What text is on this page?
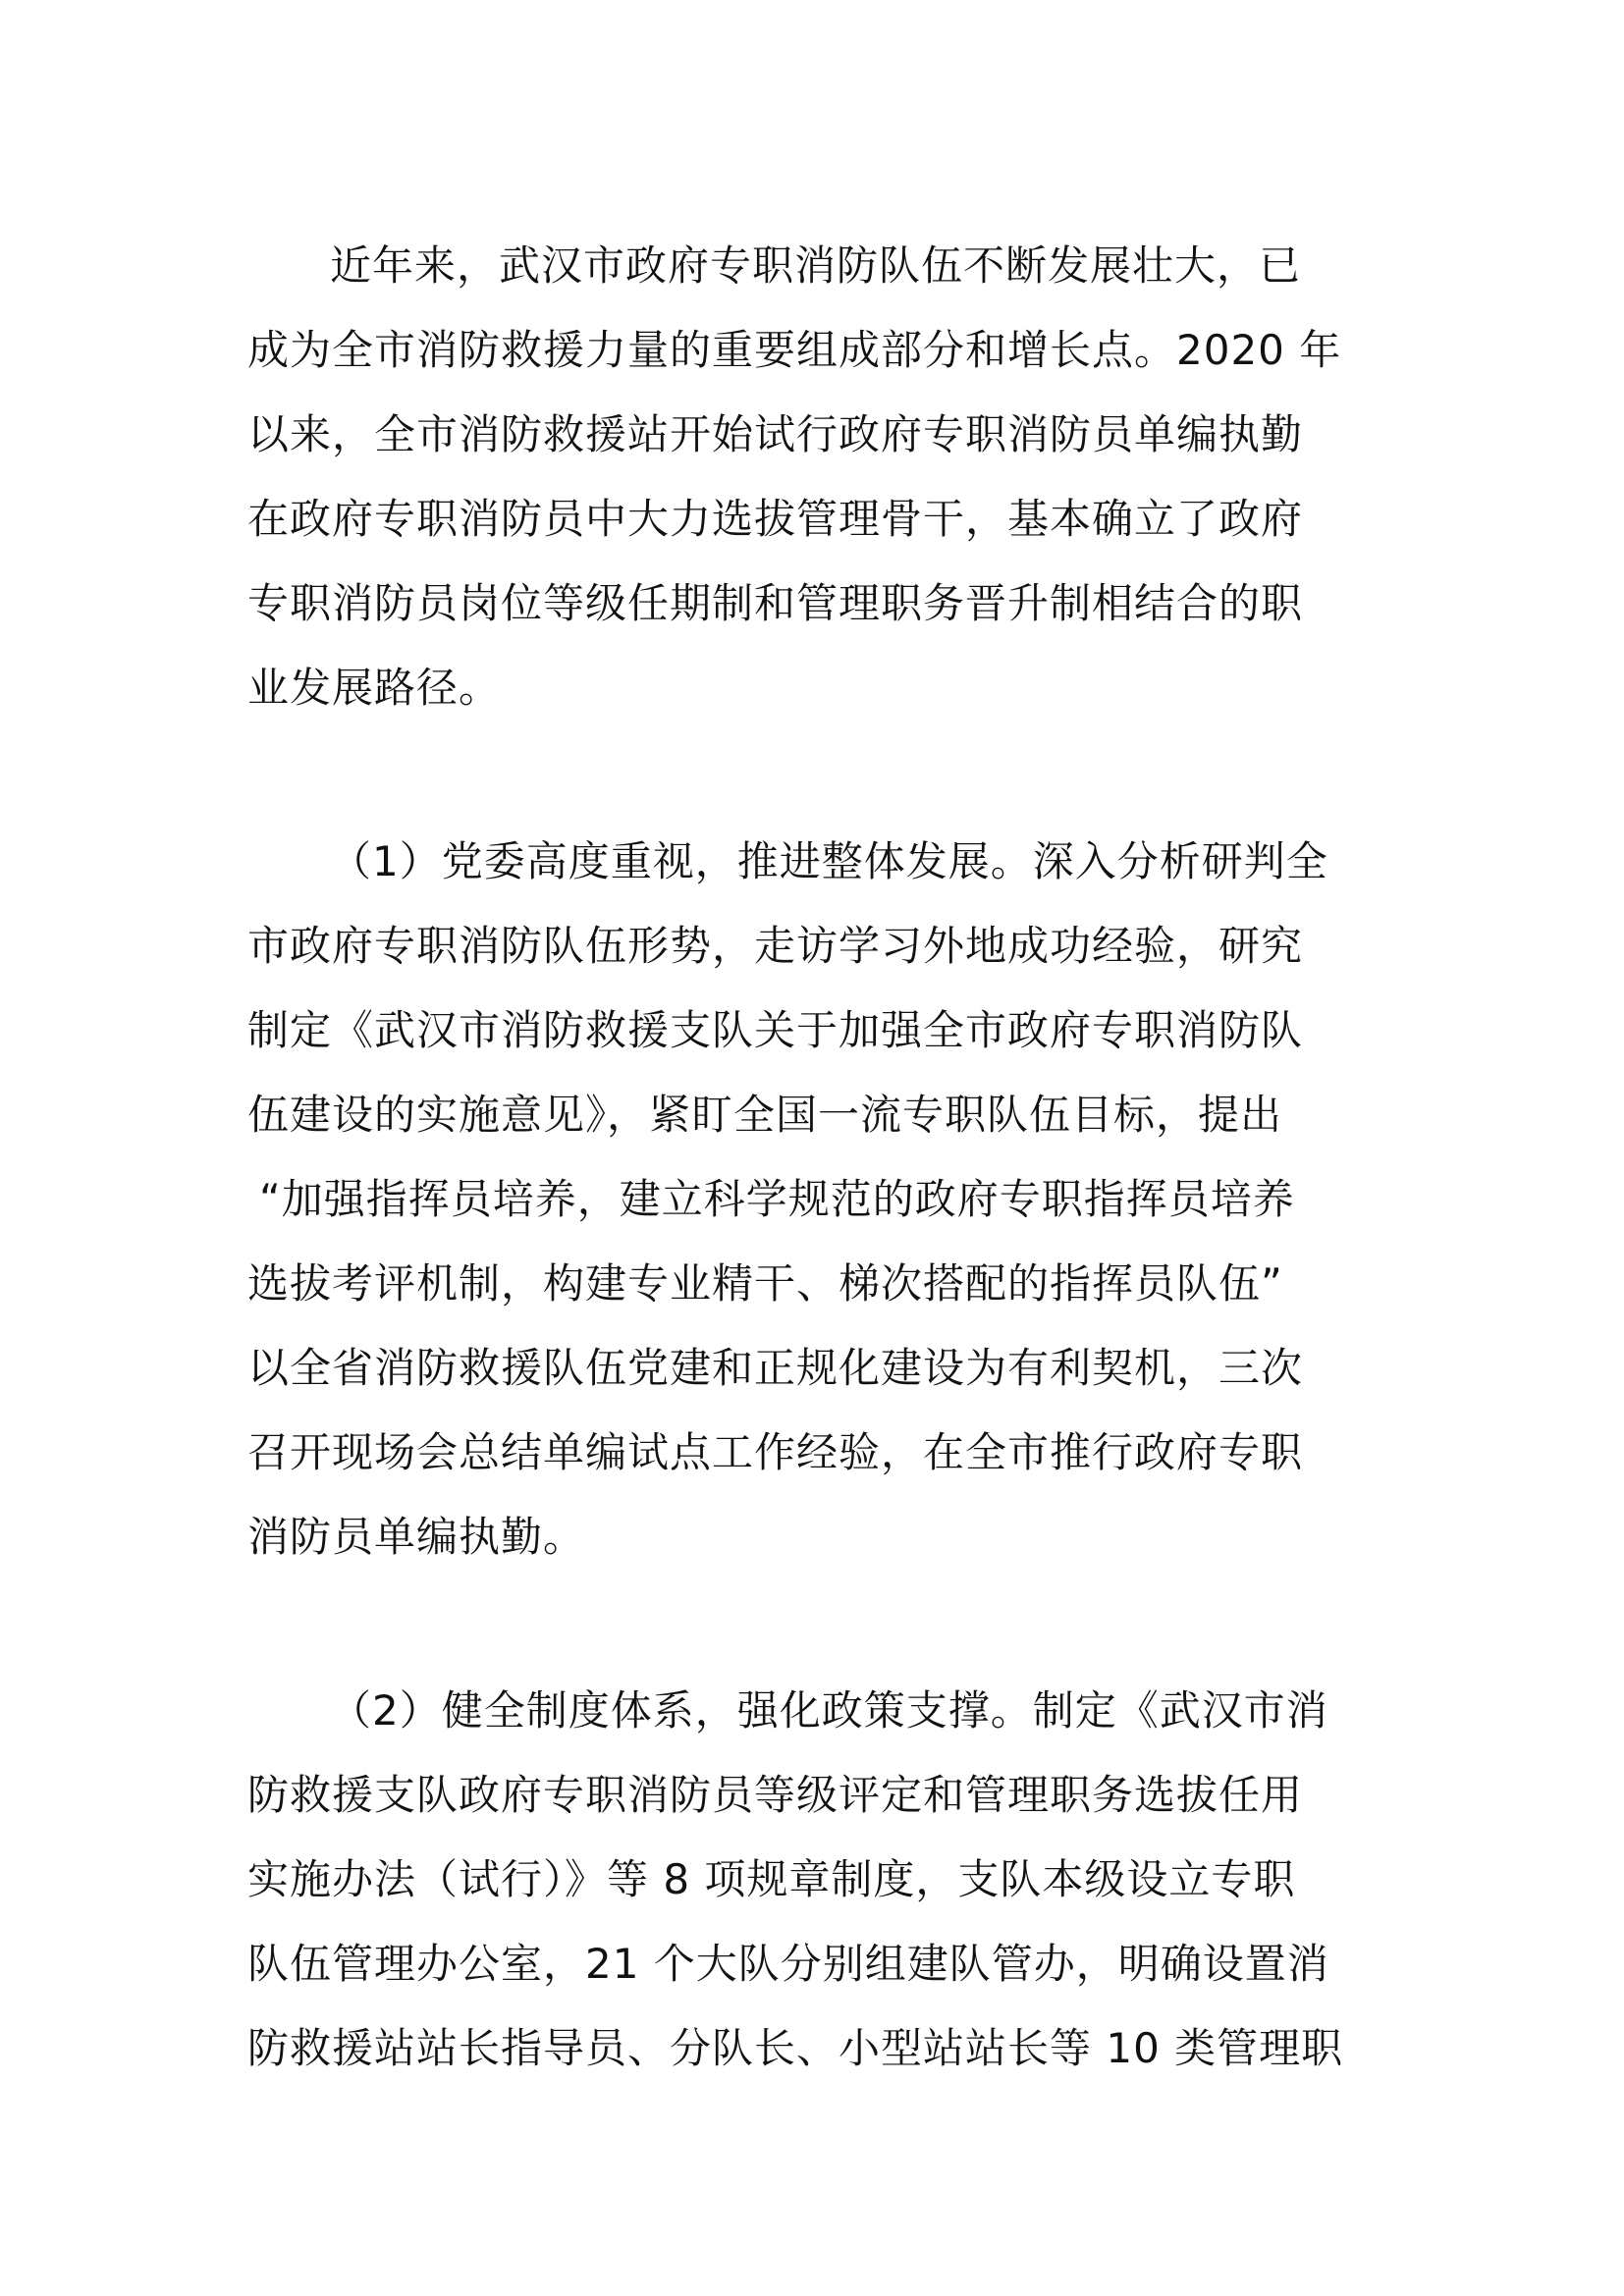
近年来，武汉市政府专职消防队伍不断发展壮大，已
成为全市消防救援力量的重要组成部分和增长点。2020 年
以来，全市消防救援站开始试行政府专职消防员单编执勤
在政府专职消防员中大力选拔管理骨干，基本确立了政府
专职消防员岗位等级任期制和管理职务晋升制相结合的职
业发展路径。
（1）党委高度重视，推进整体发展。深入分析研判全
市政府专职消防队伍形势，走访学习外地成功经验，研究
制定《武汉市消防救援支队关于加强全市政府专职消防队
伍建设的实施意见》，紧盯全国一流专职队伍目标，提出
“加强指挥员培养，建立科学规范的政府专职指挥员培养
选拔考评机制，构建专业精干、梯次搭配的指挥员队伍”
以全省消防救援队伍党建和正规化建设为有利契机，三次
召开现场会总结单编试点工作经验，在全市推行政府专职
消防员单编执勤。
（2）健全制度体系，强化政策支撑。制定《武汉市消
防救援支队政府专职消防员等级评定和管理职务选拔任用
实施办法（试行）》等 8 项规章制度，支队本级设立专职
队伍管理办公室，21 个大队分别组建队管办，明确设置消
防救援站站长指导员、分队长、小型站站长等 10 类管理职
